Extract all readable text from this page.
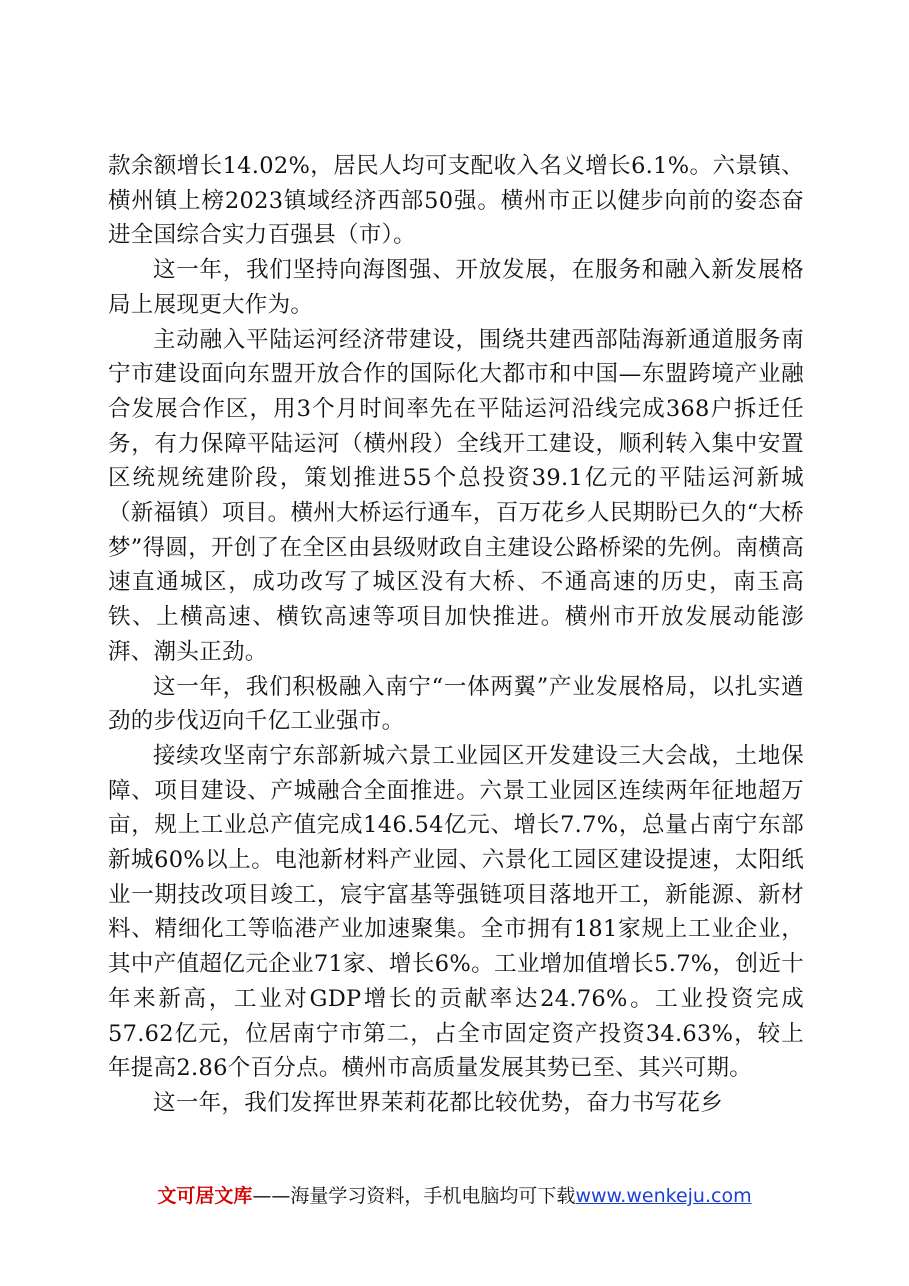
款余额增长14.02%，居民人均可支配收入名义增长6.1%。六景镇、横州镇上榜2023镇域经济西部50强。横州市正以健步向前的姿态奋进全国综合实力百强县（市）。

这一年，我们坚持向海图强、开放发展，在服务和融入新发展格局上展现更大作为。

主动融入平陆运河经济带建设，围绕共建西部陆海新通道服务南宁市建设面向东盟开放合作的国际化大都市和中国—东盟跨境产业融合发展合作区，用3个月时间率先在平陆运河沿线完成368户拆迁任务，有力保障平陆运河（横州段）全线开工建设，顺利转入集中安置区统规统建阶段，策划推进55个总投资39.1亿元的平陆运河新城（新福镇）项目。横州大桥运行通车，百万花乡人民期盼已久的“大桥梦”得圆，开创了在全区由县级财政自主建设公路桥梁的先例。南横高速直通城区，成功改写了城区没有大桥、不通高速的历史，南玉高铁、上横高速、横钦高速等项目加快推进。横州市开放发展动能澎湃、潮头正劲。

这一年，我们积极融入南宁“一体两翼”产业发展格局，以扎实遒劲的步伐迈向千亿工业强市。

接续攻坚南宁东部新城六景工业园区开发建设三大会战，土地保障、项目建设、产城融合全面推进。六景工业园区连续两年征地超万亩，规上工业总产值完成146.54亿元、增长7.7%，总量占南宁东部新城60%以上。电池新材料产业园、六景化工园区建设提速，太阳纸业一期技改项目竣工，宸宇富基等强链项目落地开工，新能源、新材料、精细化工等临港产业加速聚集。全市拥有181家规上工业企业，其中产值超亿元企业71家、增长6%。工业增加值增长5.7%，创近十年来新高，工业对GDP增长的贡献率达24.76%。工业投资完成57.62亿元，位居南宁市第二，占全市固定资产投资34.63%，较上年提高2.86个百分点。横州市高质量发展其势已至、其兴可期。

这一年，我们发挥世界茉莉花都比较优势，奋力书写花乡

文可居文库——海量学习资料，手机电脑均可下载www.wenkeju.com
